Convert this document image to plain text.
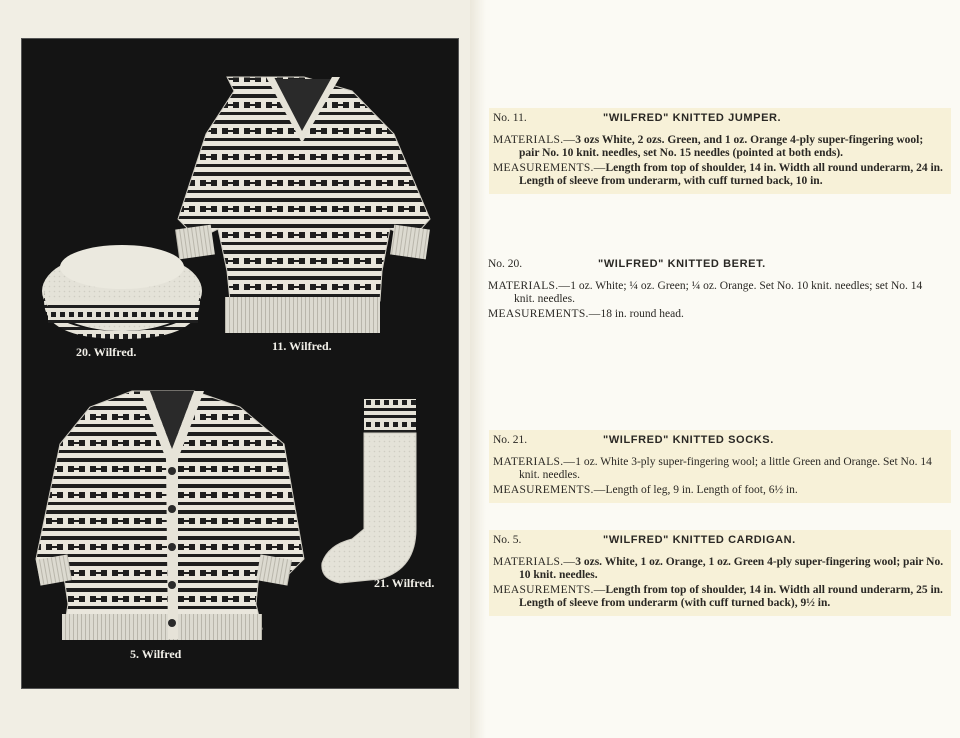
20. Wilfred.	11. Wilfred.
5. Wilfred
21. Wilfred.
No. 11.	"WILFRED" KNITTED JUMPER.
MATERIALS.—3 ozs White, 2 ozs. Green, and 1 oz. Orange 4-ply super-fingering wool; pair No. 10 knit. needles, set No. 15 needles (pointed at both ends).
MEASUREMENTS.—Length from top of shoulder, 14 in. Width all round underarm, 24 in. Length of sleeve from underarm, with cuff turned back, 10 in.
No. 20.	"WILFRED" KNITTED BERET.
MATERIALS.—1 oz. White; ¼ oz. Green; ¼ oz. Orange. Set No. 10 knit. needles; set No. 14 knit. needles.
MEASUREMENTS.—18 in. round head.
No. 21.	"WILFRED" KNITTED SOCKS.
MATERIALS.—1 oz. White 3-ply super-fingering wool; a little Green and Orange. Set No. 14 knit. needles.
MEASUREMENTS.—Length of leg, 9 in. Length of foot, 6½ in.
No. 5.	"WILFRED" KNITTED CARDIGAN.
MATERIALS.—3 ozs. White, 1 oz. Orange, 1 oz. Green 4-ply super-fingering wool; pair No. 10 knit. needles.
MEASUREMENTS.—Length from top of shoulder, 14 in. Width all round underarm, 25 in. Length of sleeve from underarm (with cuff turned back), 9½ in.
